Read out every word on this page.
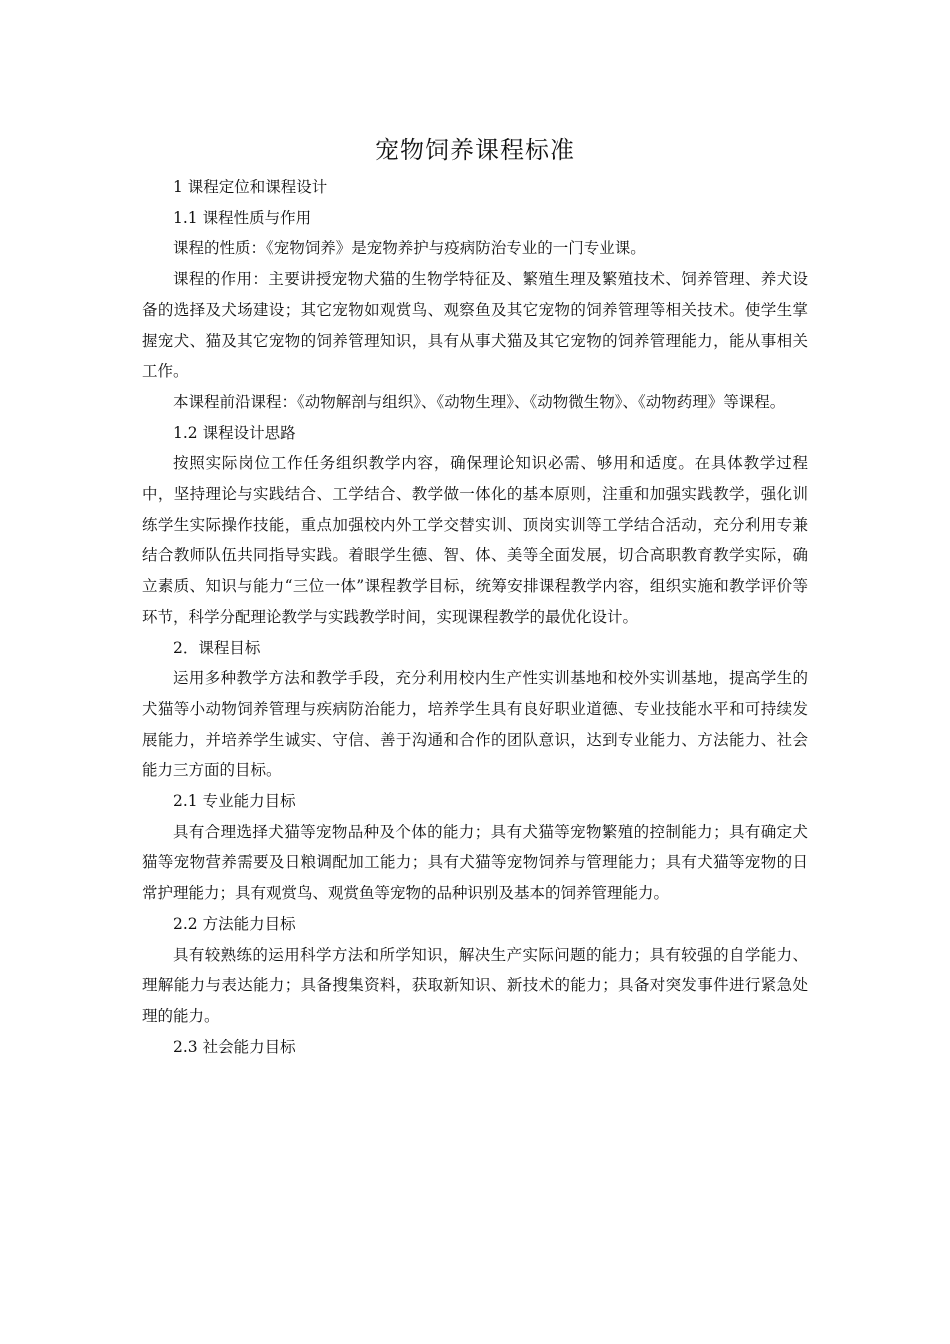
宠物饲养课程标准

1 课程定位和课程设计

1.1 课程性质与作用

课程的性质：《宠物饲养》是宠物养护与疫病防治专业的一门专业课。

课程的作用：主要讲授宠物犬猫的生物学特征及、繁殖生理及繁殖技术、饲养管理、养犬设备的选择及犬场建设；其它宠物如观赏鸟、观察鱼及其它宠物的饲养管理等相关技术。使学生掌握宠犬、猫及其它宠物的饲养管理知识，具有从事犬猫及其它宠物的饲养管理能力，能从事相关工作。

本课程前沿课程：《动物解剖与组织》、《动物生理》、《动物微生物》、《动物药理》等课程。

1.2 课程设计思路

按照实际岗位工作任务组织教学内容，确保理论知识必需、够用和适度。在具体教学过程中，坚持理论与实践结合、工学结合、教学做一体化的基本原则，注重和加强实践教学，强化训练学生实际操作技能，重点加强校内外工学交替实训、顶岗实训等工学结合活动，充分利用专兼结合教师队伍共同指导实践。着眼学生德、智、体、美等全面发展，切合高职教育教学实际，确立素质、知识与能力“三位一体”课程教学目标，统筹安排课程教学内容，组织实施和教学评价等环节，科学分配理论教学与实践教学时间，实现课程教学的最优化设计。

2．课程目标

运用多种教学方法和教学手段，充分利用校内生产性实训基地和校外实训基地，提高学生的犬猫等小动物饲养管理与疾病防治能力，培养学生具有良好职业道德、专业技能水平和可持续发展能力，并培养学生诚实、守信、善于沟通和合作的团队意识，达到专业能力、方法能力、社会能力三方面的目标。

2.1 专业能力目标

具有合理选择犬猫等宠物品种及个体的能力；具有犬猫等宠物繁殖的控制能力；具有确定犬猫等宠物营养需要及日粮调配加工能力；具有犬猫等宠物饲养与管理能力；具有犬猫等宠物的日常护理能力；具有观赏鸟、观赏鱼等宠物的品种识别及基本的饲养管理能力。

2.2 方法能力目标

具有较熟练的运用科学方法和所学知识，解决生产实际问题的能力；具有较强的自学能力、理解能力与表达能力；具备搜集资料，获取新知识、新技术的能力；具备对突发事件进行紧急处理的能力。

2.3 社会能力目标
